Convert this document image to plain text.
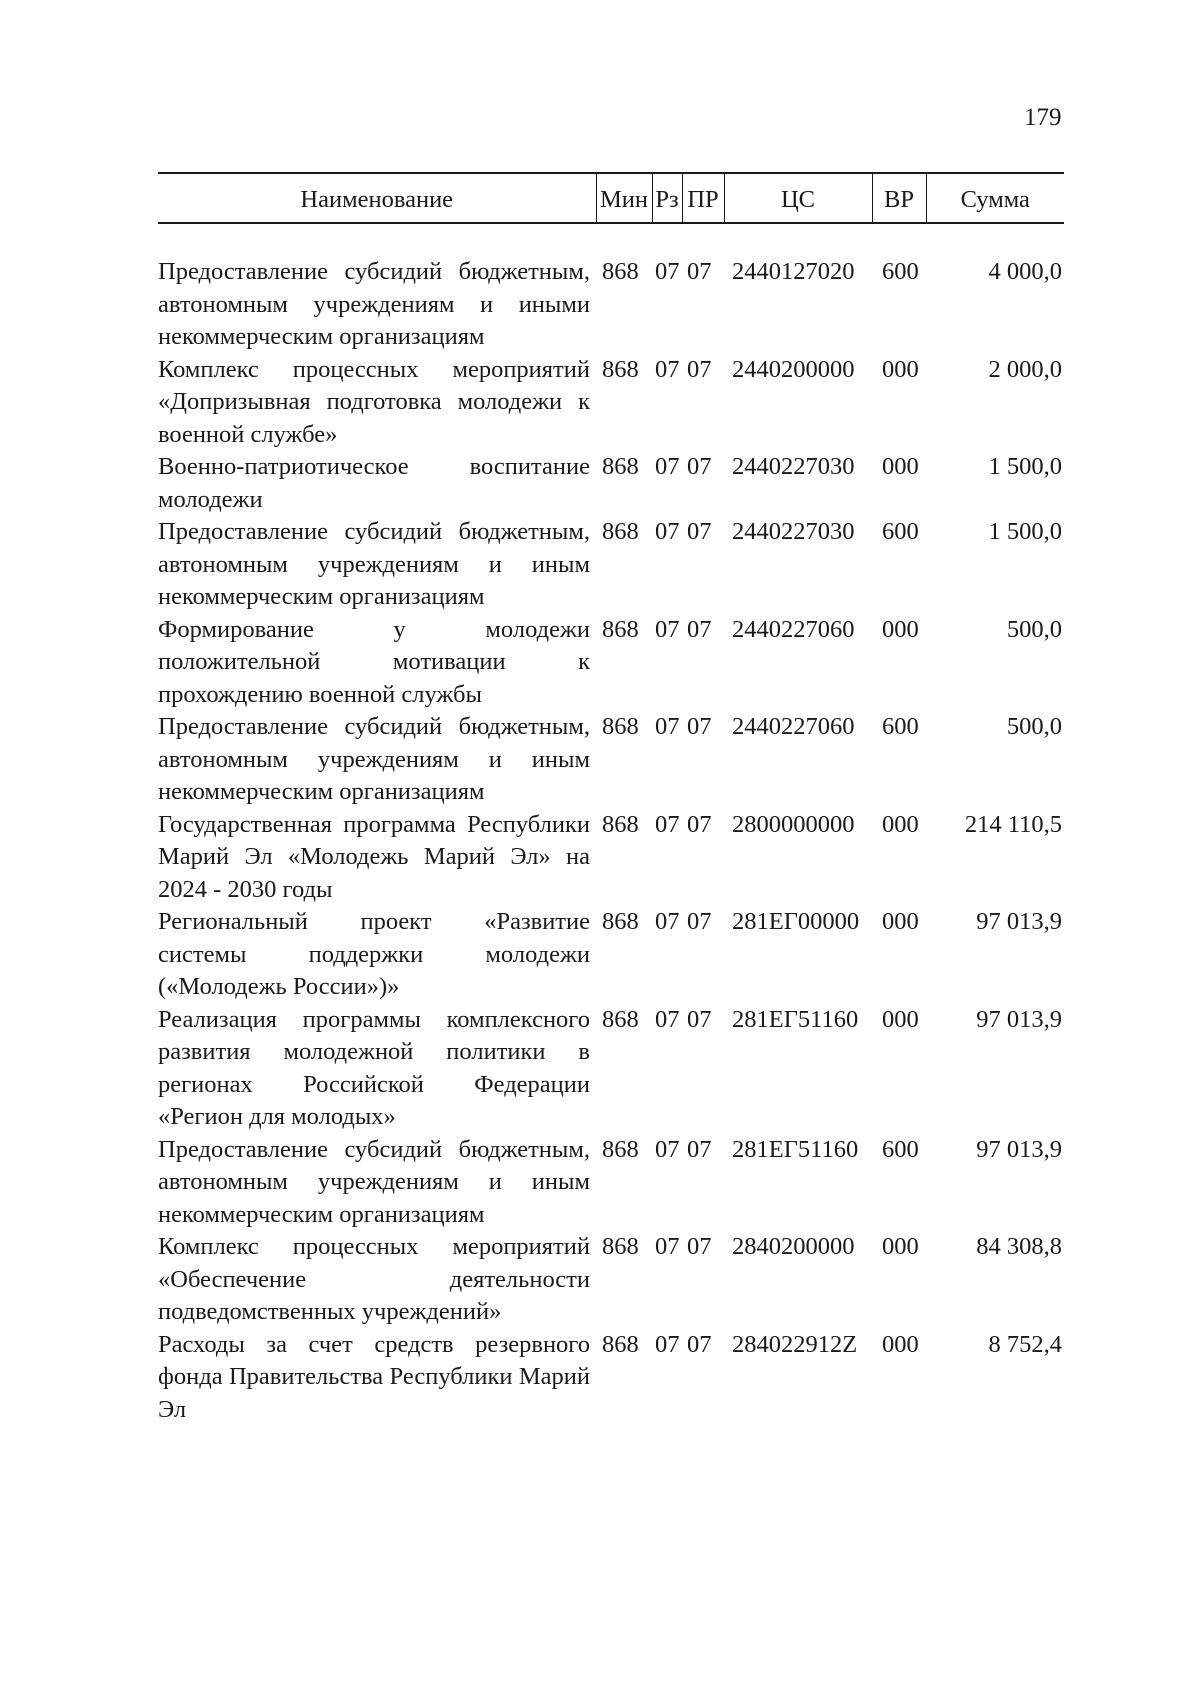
179
Наименование	Мин	Рз	ПР	ЦС	ВР	Сумма

Предоставление субсидий бюджетным, автономным учреждениям и иными некоммерческим организациям	868	07	07	2440127020	600	4 000,0

Комплекс процессных мероприятий «Допризывная подготовка молодежи к военной службе»	868	07	07	2440200000	000	2 000,0

Военно-патриотическое воспитание молодежи	868	07	07	2440227030	000	1 500,0

Предоставление субсидий бюджетным, автономным учреждениям и иным некоммерческим организациям	868	07	07	2440227030	600	1 500,0

Формирование у молодежи положительной мотивации к прохождению военной службы	868	07	07	2440227060	000	500,0

Предоставление субсидий бюджетным, автономным учреждениям и иным некоммерческим организациям	868	07	07	2440227060	600	500,0

Государственная программа Республики Марий Эл «Молодежь Марий Эл» на 2024 - 2030 годы	868	07	07	2800000000	000	214 110,5

Региональный проект «Развитие системы поддержки молодежи («Молодежь России»)»	868	07	07	281ЕГ00000	000	97 013,9

Реализация программы комплексного развития молодежной политики в регионах Российской Федерации «Регион для молодых»	868	07	07	281ЕГ51160	000	97 013,9

Предоставление субсидий бюджетным, автономным учреждениям и иным некоммерческим организациям	868	07	07	281ЕГ51160	600	97 013,9

Комплекс процессных мероприятий «Обеспечение деятельности подведомственных учреждений»	868	07	07	2840200000	000	84 308,8

Расходы за счет средств резервного фонда Правительства Республики Марий Эл	868	07	07	284022912Z	000	8 752,4
